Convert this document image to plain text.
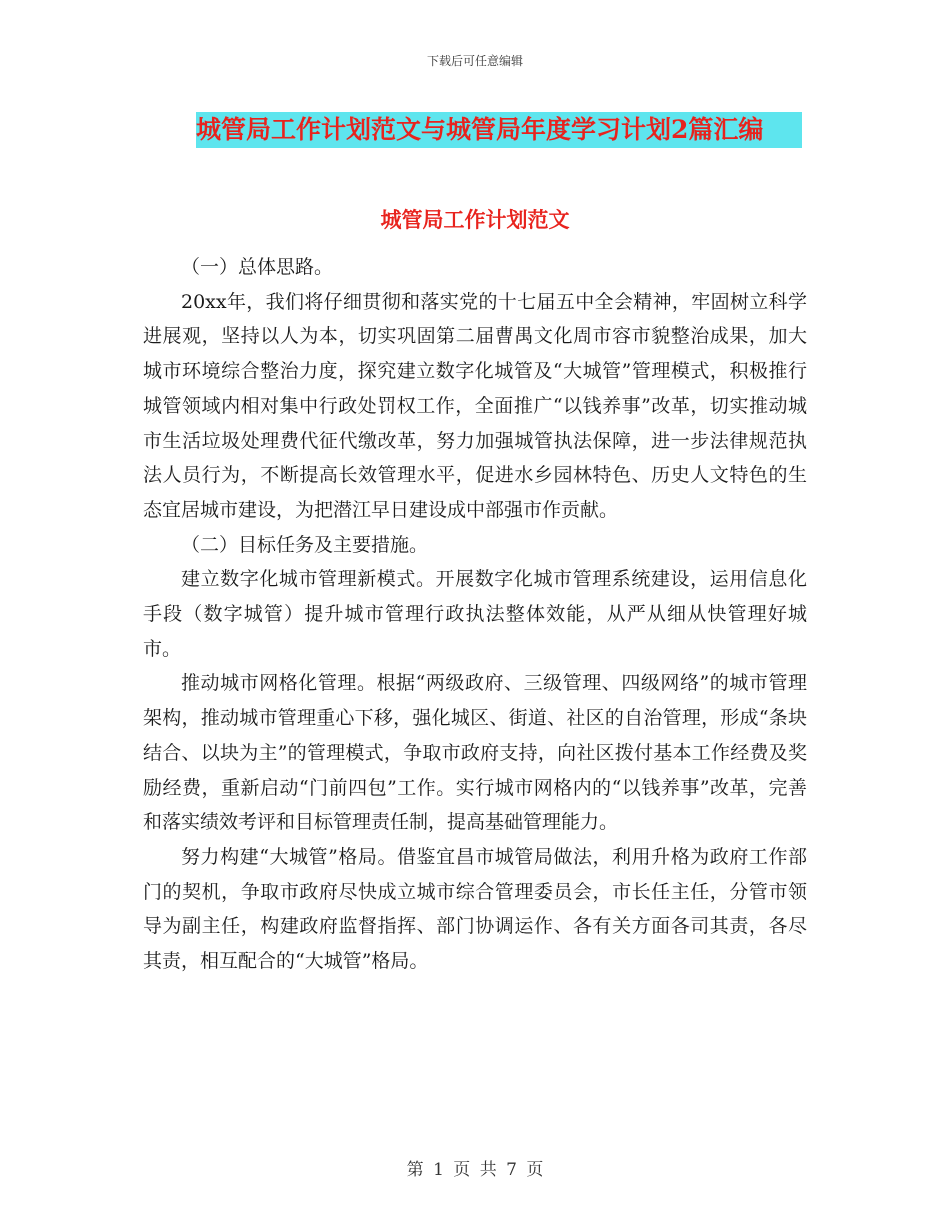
下载后可任意编辑
城管局工作计划范文与城管局年度学习计划2篇汇编
城管局工作计划范文

（一）总体思路。

20xx年，我们将仔细贯彻和落实党的十七届五中全会精神，牢固树立科学进展观，坚持以人为本，切实巩固第二届曹禺文化周市容市貌整治成果，加大城市环境综合整治力度，探究建立数字化城管及“大城管”管理模式，积极推行城管领域内相对集中行政处罚权工作，全面推广“以钱养事”改革，切实推动城市生活垃圾处理费代征代缴改革，努力加强城管执法保障，进一步法律规范执法人员行为，不断提高长效管理水平，促进水乡园林特色、历史人文特色的生态宜居城市建设，为把潜江早日建设成中部强市作贡献。

（二）目标任务及主要措施。

建立数字化城市管理新模式。开展数字化城市管理系统建设，运用信息化手段（数字城管）提升城市管理行政执法整体效能，从严从细从快管理好城市。

推动城市网格化管理。根据“两级政府、三级管理、四级网络”的城市管理架构，推动城市管理重心下移，强化城区、街道、社区的自治管理，形成“条块结合、以块为主”的管理模式，争取市政府支持，向社区拨付基本工作经费及奖励经费，重新启动“门前四包”工作。实行城市网格内的“以钱养事”改革，完善和落实绩效考评和目标管理责任制，提高基础管理能力。

努力构建“大城管”格局。借鉴宜昌市城管局做法，利用升格为政府工作部门的契机，争取市政府尽快成立城市综合管理委员会，市长任主任，分管市领导为副主任，构建政府监督指挥、部门协调运作、各有关方面各司其责，各尽其责，相互配合的“大城管”格局。

第 1 页 共 7 页
